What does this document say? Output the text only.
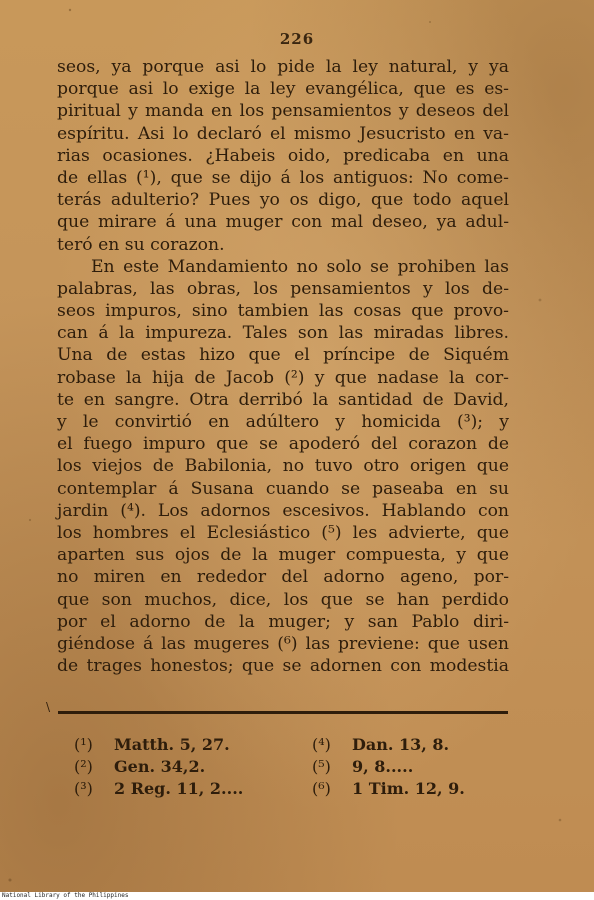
226
seos, ya porque asi lo pide la ley natural, y ya
porque asi lo exige la ley evangélica, que es es-
piritual y manda en los pensamientos y deseos del
espíritu. Asi lo declaró el mismo Jesucristo en va-
rias ocasiones. ¿Habeis oido, predicaba en una
de ellas (¹), que se dijo á los antiguos: No come-
terás adulterio? Pues yo os digo, que todo aquel
que mirare á una muger con mal deseo, ya adul-
teró en su corazon.
En este Mandamiento no solo se prohiben las
palabras, las obras, los pensamientos y los de-
seos impuros, sino tambien las cosas que provo-
can á la impureza. Tales son las miradas libres.
Una de estas hizo que el príncipe de Siquém
robase la hija de Jacob (²) y que nadase la cor-
te en sangre. Otra derribó la santidad de David,
y le convirtió en adúltero y homicida (³); y
el fuego impuro que se apoderó del corazon de
los viejos de Babilonia, no tuvo otro origen que
contemplar á Susana cuando se paseaba en su
jardin (⁴). Los adornos escesivos. Hablando con
los hombres el Eclesiástico (⁵) les advierte, que
aparten sus ojos de la muger compuesta, y que
no miren en rededor del adorno ageno, por-
que son muchos, dice, los que se han perdido
por el adorno de la muger; y san Pablo diri-
giéndose á las mugeres (⁶) las previene: que usen
de trages honestos; que se adornen con modestia
\
(¹) Matth. 5, 27.
(²) Gen. 34,2.
(³) 2 Reg. 11, 2....
(⁴) Dan. 13, 8.
(⁵) 9, 8.....
(⁶) 1 Tim. 12, 9.
National Library of the Philippines
